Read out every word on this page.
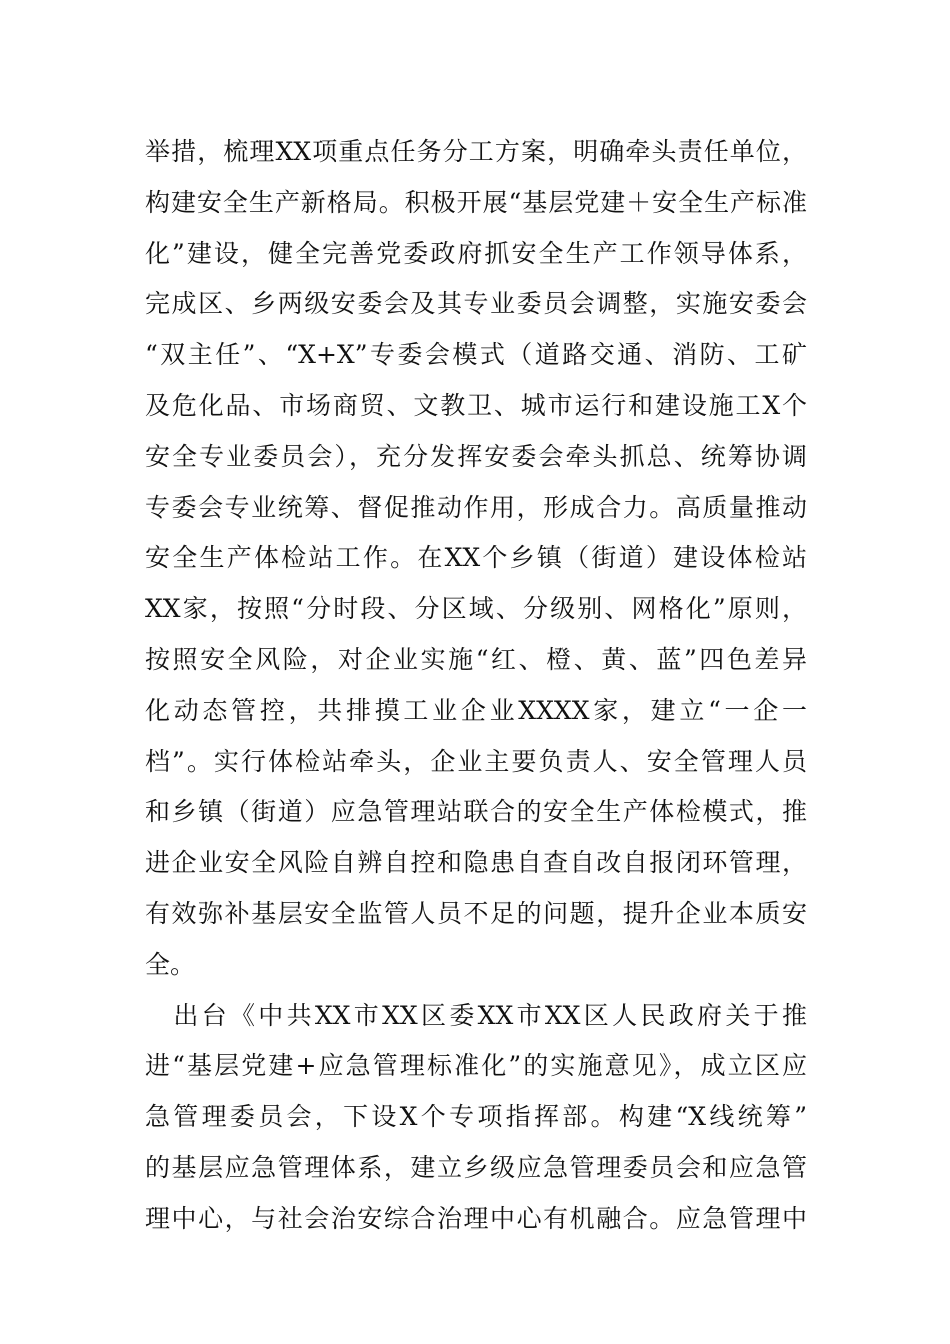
举措，梳理XX项重点任务分工方案，明确牵头责任单位，
构建安全生产新格局。积极开展“基层党建＋安全生产标准
化”建设，健全完善党委政府抓安全生产工作领导体系，
完成区、乡两级安委会及其专业委员会调整，实施安委会
“双主任”、“X+X”专委会模式（道路交通、消防、工矿
及危化品、市场商贸、文教卫、城市运行和建设施工X个
安全专业委员会），充分发挥安委会牵头抓总、统筹协调
专委会专业统筹、督促推动作用，形成合力。高质量推动
安全生产体检站工作。在XX个乡镇（街道）建设体检站
XX家，按照“分时段、分区域、分级别、网格化”原则，
按照安全风险，对企业实施“红、橙、黄、蓝”四色差异
化动态管控，共排摸工业企业XXXX家，建立“一企一
档”。实行体检站牵头，企业主要负责人、安全管理人员
和乡镇（街道）应急管理站联合的安全生产体检模式，推
进企业安全风险自辨自控和隐患自查自改自报闭环管理，
有效弥补基层安全监管人员不足的问题，提升企业本质安
全。
　出台《中共XX市XX区委XX市XX区人民政府关于推
进“基层党建+应急管理标准化”的实施意见》，成立区应
急管理委员会，下设X个专项指挥部。构建“X线统筹”
的基层应急管理体系，建立乡级应急管理委员会和应急管
理中心，与社会治安综合治理中心有机融合。应急管理中
